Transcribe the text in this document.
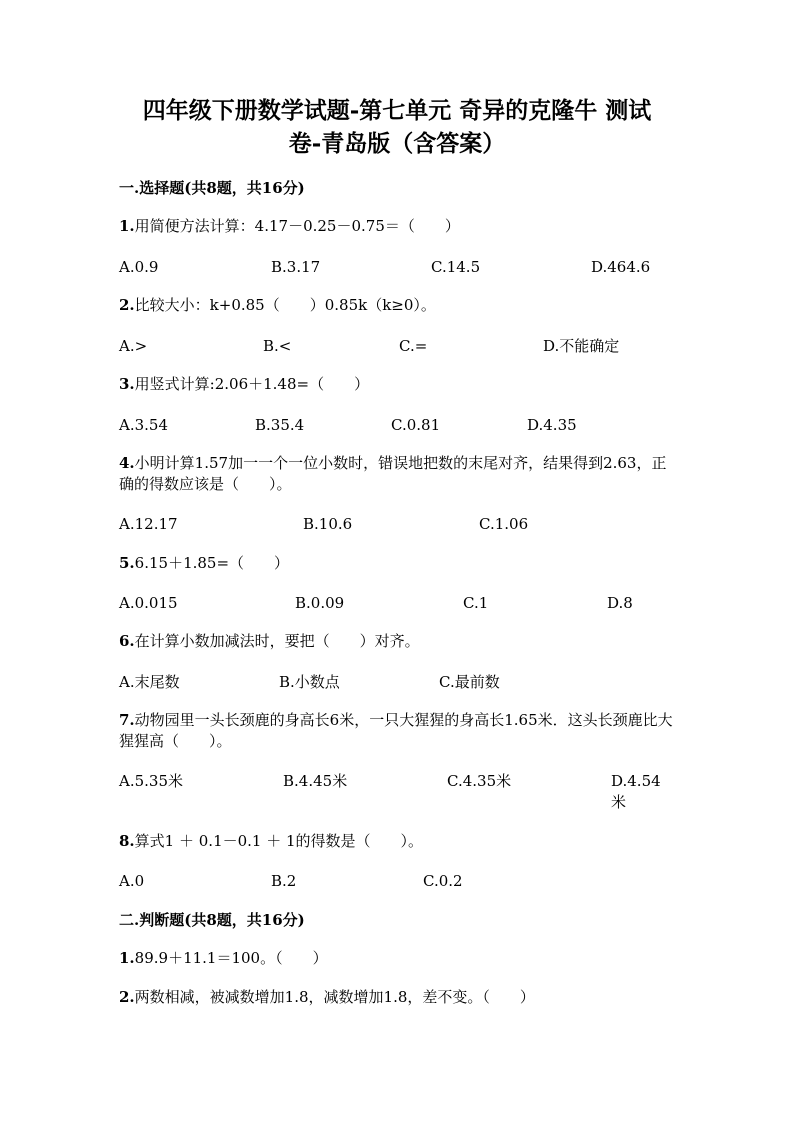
四年级下册数学试题-第七单元 奇异的克隆牛 测试
卷-青岛版（含答案）
一.选择题(共8题，共16分)
1.用简便方法计算：4.17－0.25－0.75＝（　　）
A.0.9	B.3.17	C.14.5	D.464.6
2.比较大小：k+0.85（　　）0.85k（k≥0）。
A.>	B.<	C.=	D.不能确定
3.用竖式计算:2.06＋1.48=（　　）
A.3.54	B.35.4	C.0.81	D.4.35
4.小明计算1.57加一一个一位小数时，错误地把数的末尾对齐，结果得到2.63，正确的得数应该是（　　）。
A.12.17	B.10.6	C.1.06
5.6.15＋1.85=（　　）
A.0.015	B.0.09	C.1	D.8
6.在计算小数加减法时，要把（　　）对齐。
A.末尾数	B.小数点	C.最前数
7.动物园里一头长颈鹿的身高长6米，一只大猩猩的身高长1.65米．这头长颈鹿比大猩猩高（　　）。
A.5.35米	B.4.45米	C.4.35米	D.4.54米
8.算式1 ＋ 0.1－0.1 ＋ 1的得数是（　　）。
A.0	B.2	C.0.2
二.判断题(共8题，共16分)
1.89.9＋11.1＝100。（　　）
2.两数相减，被减数增加1.8，减数增加1.8，差不变。（　　）
